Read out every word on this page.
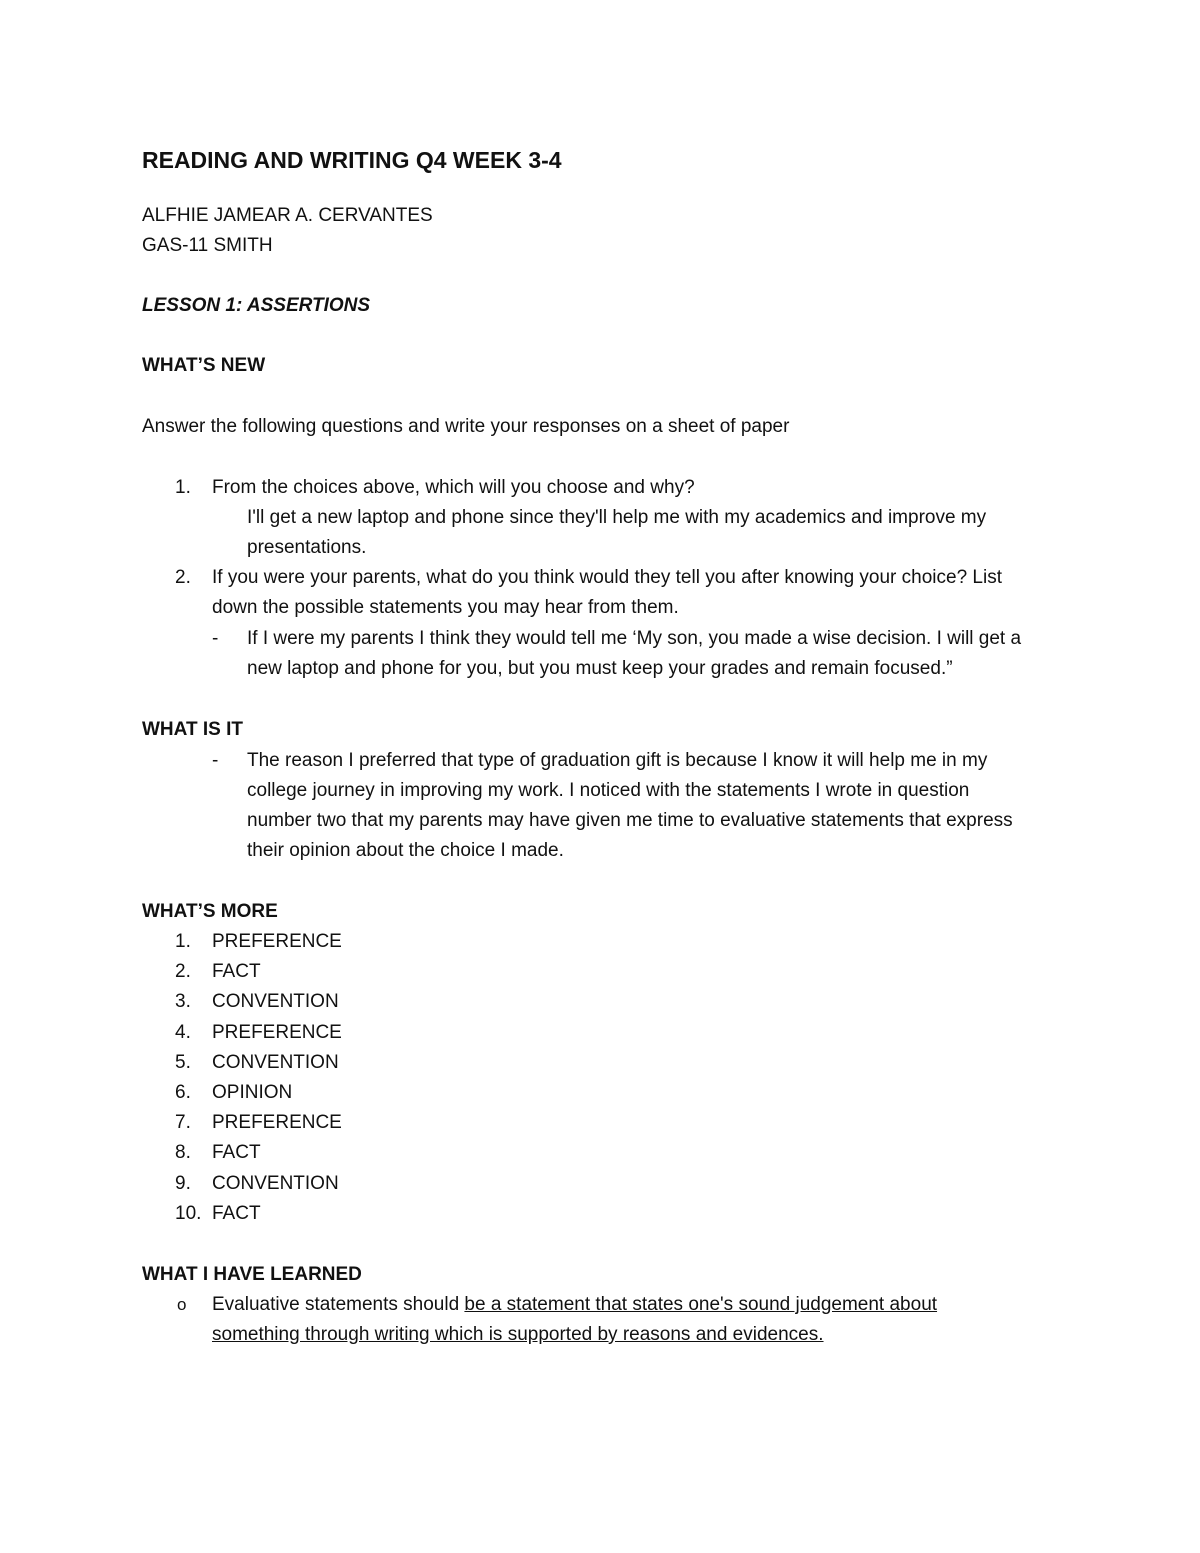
READING AND WRITING Q4 WEEK 3-4
ALFHIE JAMEAR A. CERVANTES
GAS-11 SMITH
LESSON 1: ASSERTIONS
WHAT’S NEW
Answer the following questions and write your responses on a sheet of paper
1. From the choices above, which will you choose and why?
I'll get a new laptop and phone since they'll help me with my academics and improve my
presentations.
2. If you were your parents, what do you think would they tell you after knowing your choice? List
down the possible statements you may hear from them.
- If I were my parents I think they would tell me ‘My son, you made a wise decision. I will get a
new laptop and phone for you, but you must keep your grades and remain focused.”
WHAT IS IT
- The reason I preferred that type of graduation gift is because I know it will help me in my
college journey in improving my work. I noticed with the statements I wrote in question
number two that my parents may have given me time to evaluative statements that express
their opinion about the choice I made.
WHAT’S MORE
1. PREFERENCE
2. FACT
3. CONVENTION
4. PREFERENCE
5. CONVENTION
6. OPINION
7. PREFERENCE
8. FACT
9. CONVENTION
10. FACT
WHAT I HAVE LEARNED
o Evaluative statements should be a statement that states one's sound judgement about
something through writing which is supported by reasons and evidences.
